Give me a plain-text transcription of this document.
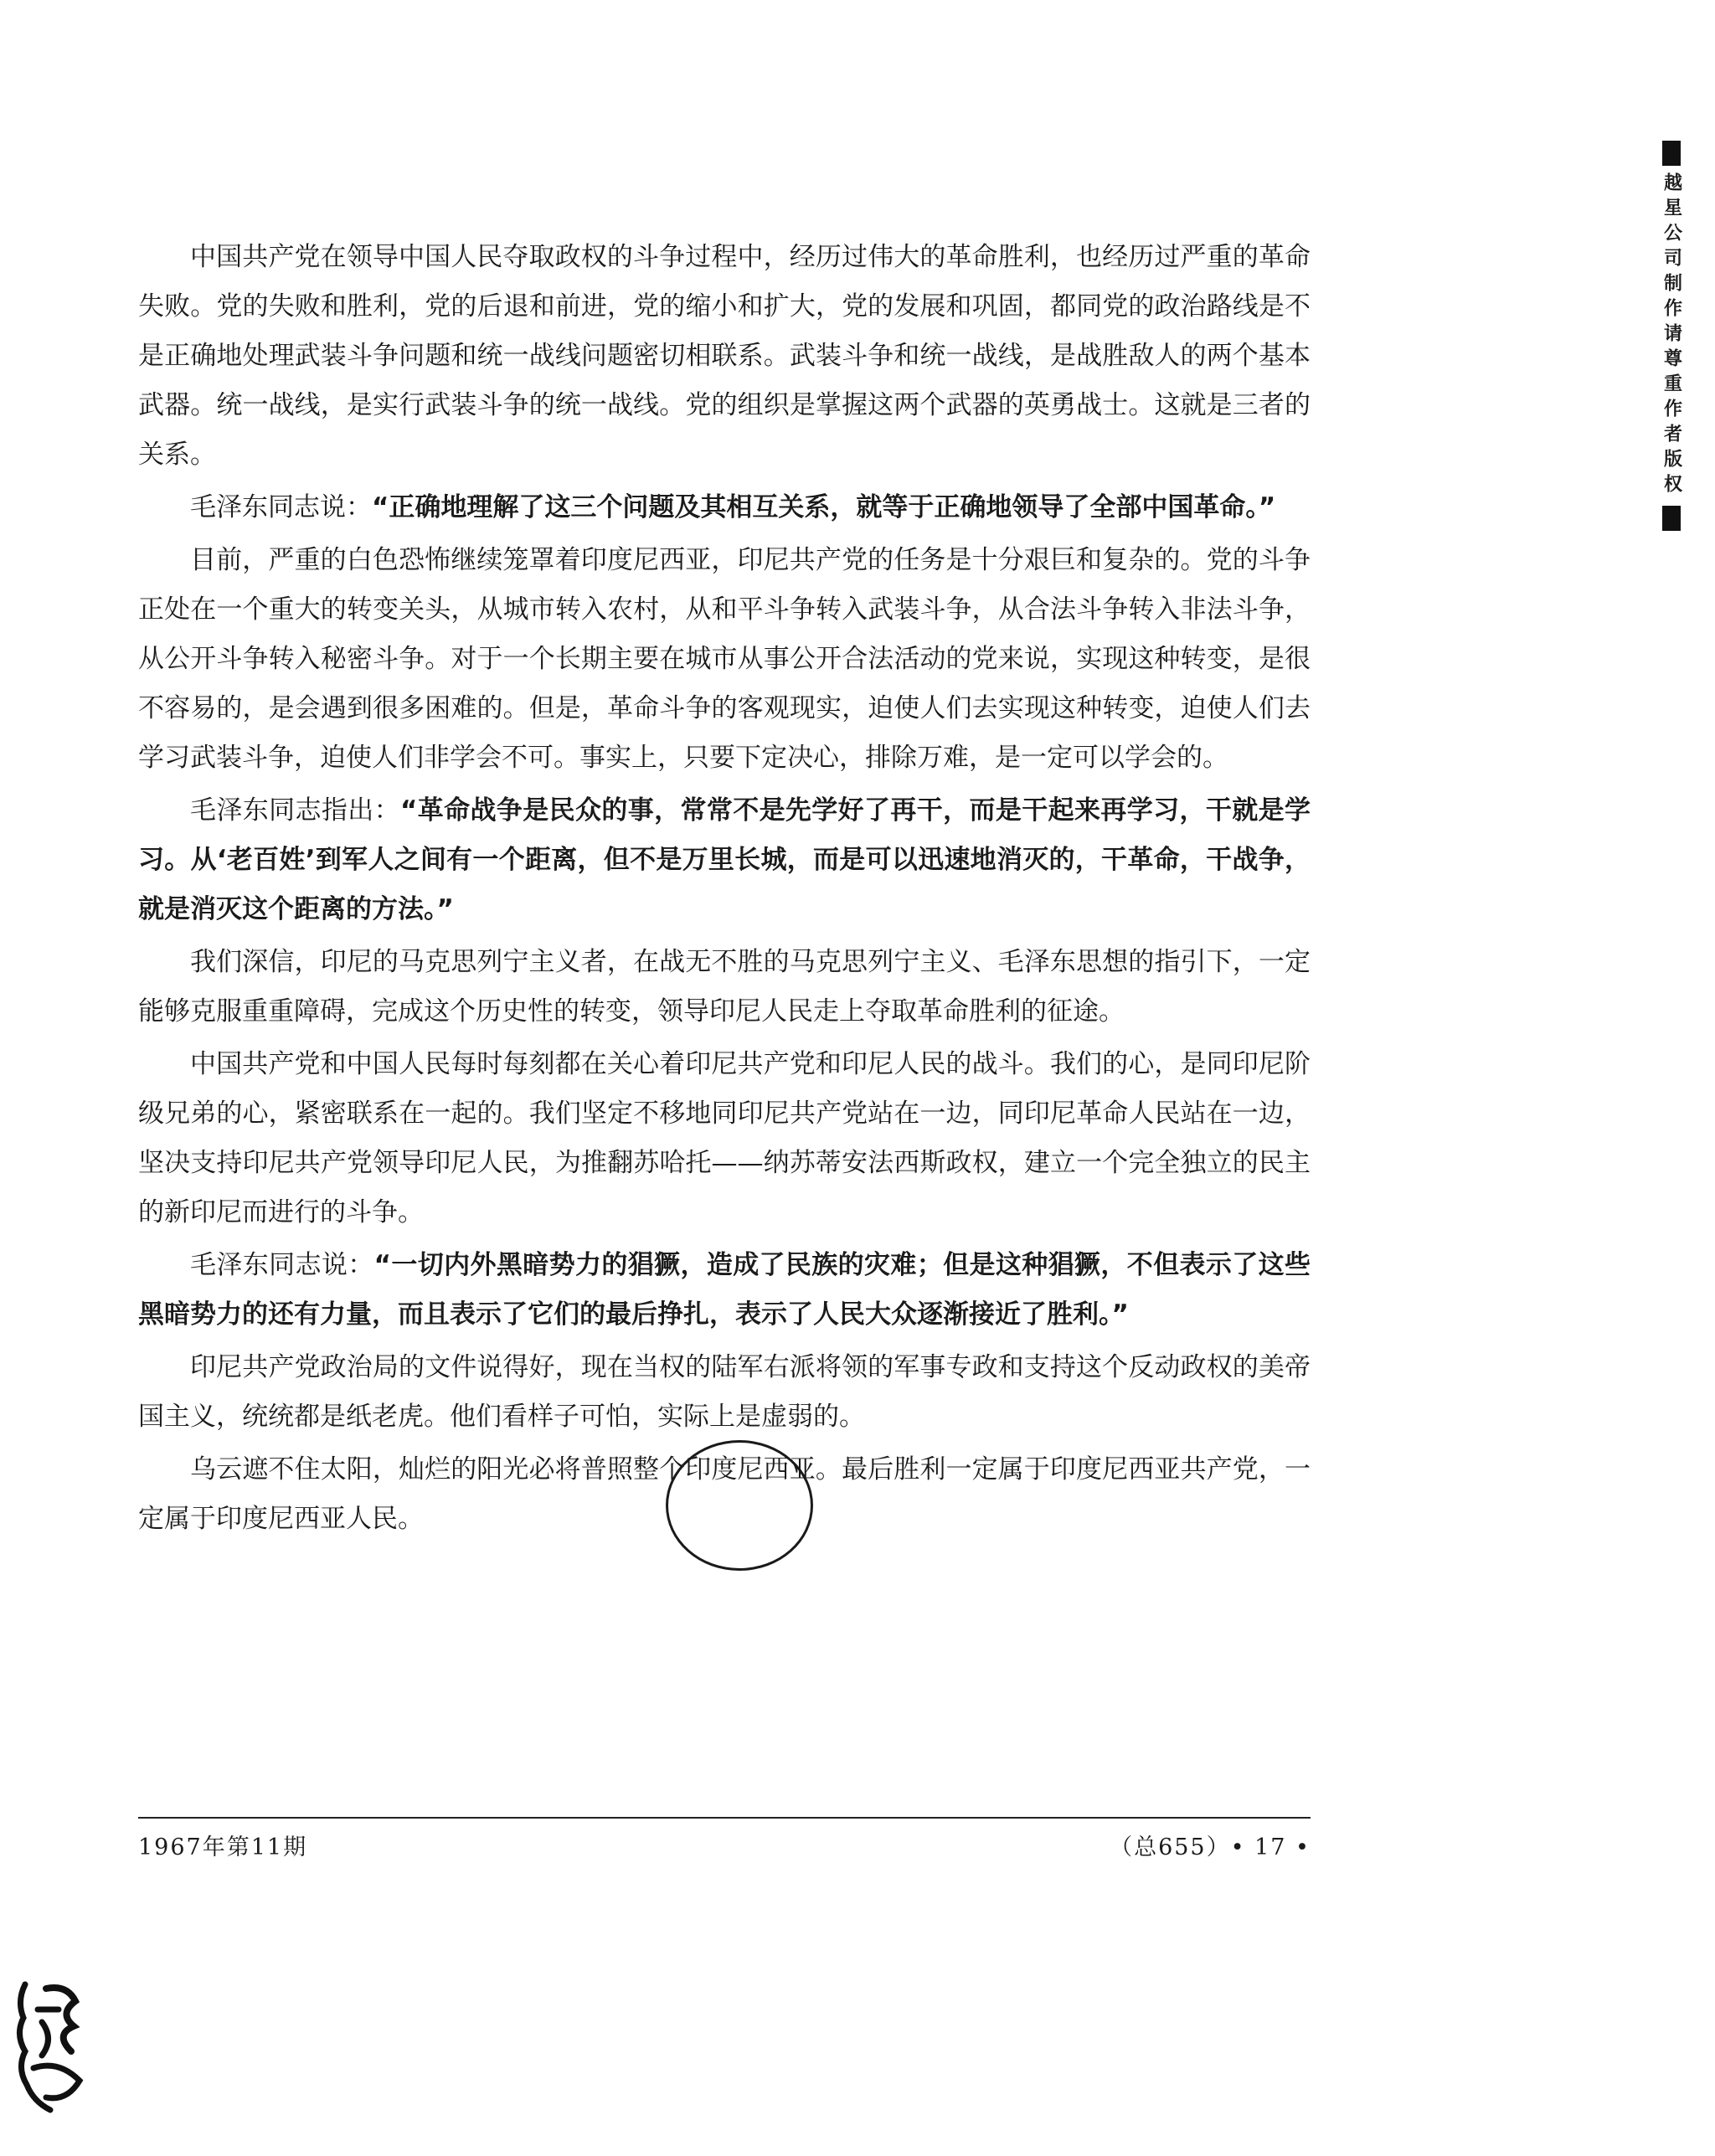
越星公司制作请尊重作者版权

中国共产党在领导中国人民夺取政权的斗争过程中，经历过伟大的革命胜利，也经历过严重的革命失败。党的失败和胜利，党的后退和前进，党的缩小和扩大，党的发展和巩固，都同党的政治路线是不是正确地处理武装斗争问题和统一战线问题密切相联系。武装斗争和统一战线，是战胜敌人的两个基本武器。统一战线，是实行武装斗争的统一战线。党的组织是掌握这两个武器的英勇战士。这就是三者的关系。

毛泽东同志说：“正确地理解了这三个问题及其相互关系，就等于正确地领导了全部中国革命。”

目前，严重的白色恐怖继续笼罩着印度尼西亚，印尼共产党的任务是十分艰巨和复杂的。党的斗争正处在一个重大的转变关头，从城市转入农村，从和平斗争转入武装斗争，从合法斗争转入非法斗争，从公开斗争转入秘密斗争。对于一个长期主要在城市从事公开合法活动的党来说，实现这种转变，是很不容易的，是会遇到很多困难的。但是，革命斗争的客观现实，迫使人们去实现这种转变，迫使人们去学习武装斗争，迫使人们非学会不可。事实上，只要下定决心，排除万难，是一定可以学会的。

毛泽东同志指出：“革命战争是民众的事，常常不是先学好了再干，而是干起来再学习，干就是学习。从‘老百姓’到军人之间有一个距离，但不是万里长城，而是可以迅速地消灭的，干革命，干战争，就是消灭这个距离的方法。”

我们深信，印尼的马克思列宁主义者，在战无不胜的马克思列宁主义、毛泽东思想的指引下，一定能够克服重重障碍，完成这个历史性的转变，领导印尼人民走上夺取革命胜利的征途。

中国共产党和中国人民每时每刻都在关心着印尼共产党和印尼人民的战斗。我们的心，是同印尼阶级兄弟的心，紧密联系在一起的。我们坚定不移地同印尼共产党站在一边，同印尼革命人民站在一边，坚决支持印尼共产党领导印尼人民，为推翻苏哈托——纳苏蒂安法西斯政权，建立一个完全独立的民主的新印尼而进行的斗争。

毛泽东同志说：“一切内外黑暗势力的猖獗，造成了民族的灾难；但是这种猖獗，不但表示了这些黑暗势力的还有力量，而且表示了它们的最后挣扎，表示了人民大众逐渐接近了胜利。”

印尼共产党政治局的文件说得好，现在当权的陆军右派将领的军事专政和支持这个反动政权的美帝国主义，统统都是纸老虎。他们看样子可怕，实际上是虚弱的。

乌云遮不住太阳，灿烂的阳光必将普照整个印度尼西亚。最后胜利一定属于印度尼西亚共产党，一定属于印度尼西亚人民。

1967年第11期	（总655）• 17 •
